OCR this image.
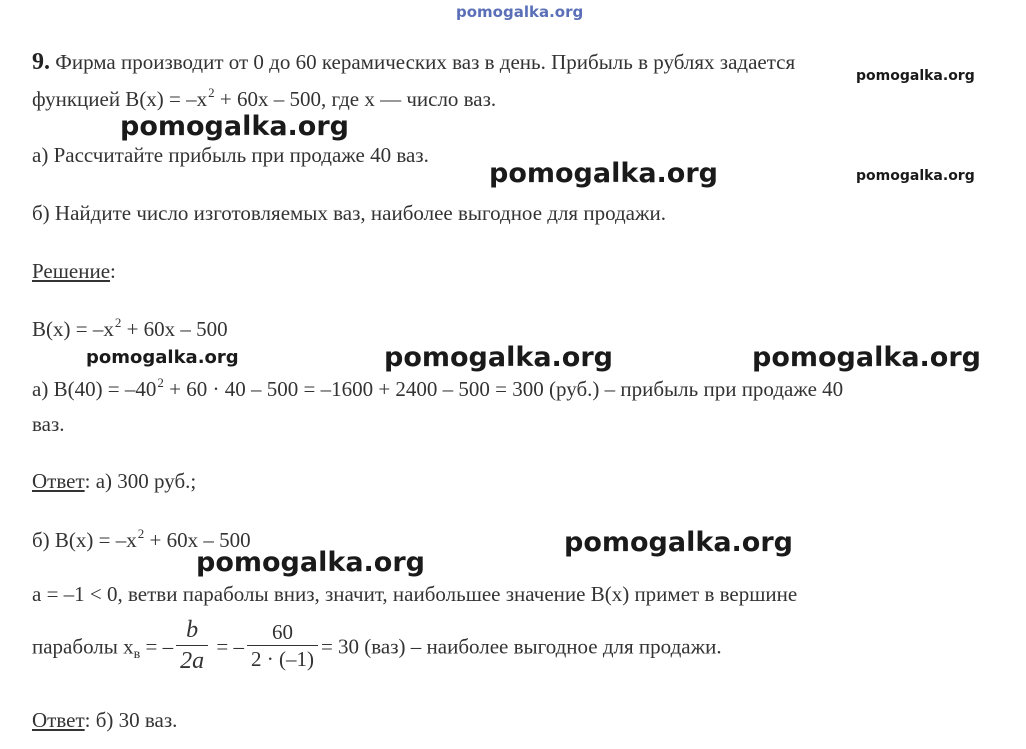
pomogalka.org
9. Фирма производит от 0 до 60 керамических ваз в день. Прибыль в рублях задается
функцией $B(x) = -x^2 + 60x - 500$, где x — число ваз.
а) Рассчитайте прибыль при продаже 40 ваз.
б) Найдите число изготовляемых ваз, наиболее выгодное для продажи.
Решение:
$B(x) = -x^2 + 60x - 500$
а) $B(40) = -40^2 + 60 \cdot 40 - 500 = -1600 + 2400 - 500 = 300$ (руб.) – прибыль при продаже 40
ваз.
Ответ: а) 300 руб.;
б) $B(x) = -x^2 + 60x - 500$
a = –1 < 0, ветви параболы вниз, значит, наибольшее значение B(x) примет в вершине
параболы $x_в$ = – $\frac{b}{2a}$ = – $\frac{60}{2 \cdot (-1)} = 30$ (ваз) – наиболее выгодное для продажи.
Ответ: б) 30 ваз.
pomogalka.org
pomogalka.org
pomogalka.org	pomogalka.org
pomogalka.org	pomogalka.org	pomogalka.org
pomogalka.org
pomogalka.org
